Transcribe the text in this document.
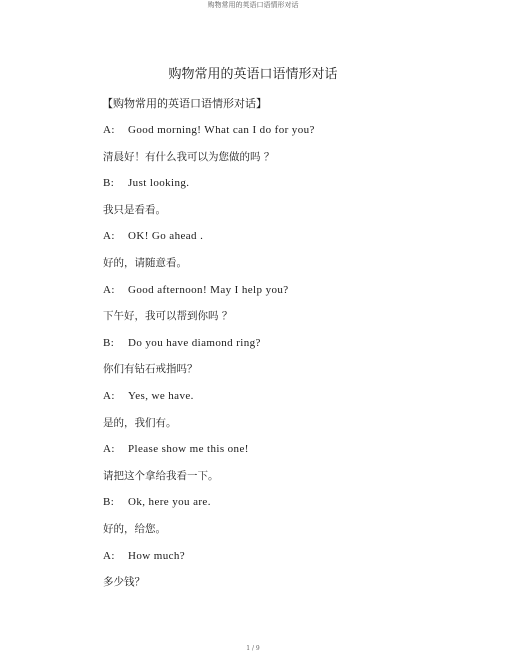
购物常用的英语口语情形对话
购物常用的英语口语情形对话
【购物常用的英语口语情形对话】
A: Good morning! What can I do for you?
清晨好！有什么我可以为您做的吗 ？
B: Just looking.
我只是看看。
A: OK! Go ahead .
好的，请随意看。
A: Good afternoon! May I help you?
下午好，我可以帮到你吗 ？
B: Do you have diamond ring?
你们有钻石戒指吗？
A: Yes, we have.
是的，我们有。
A: Please show me this one!
请把这个拿给我看一下。
B: Ok, here you are.
好的，给您。
A: How much?
多少钱？
1 / 9
